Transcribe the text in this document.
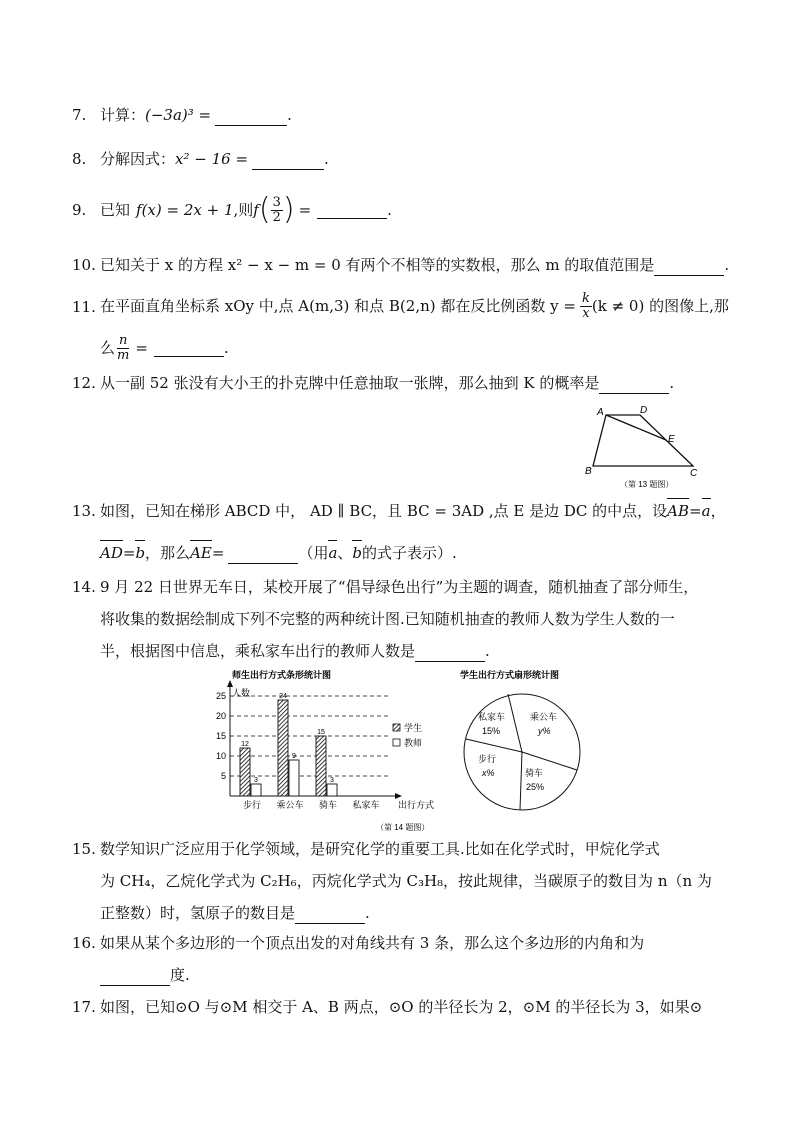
7. 计算：(−3a)³ =	.
8. 分解因式：x² − 16 =	.
9. 已知 f(x) = 2x + 1 ,则 f ( $\frac{3}{2}$ ) =	.
10. 已知关于 x 的方程 x² − x − m = 0 有两个不相等的实数根，那么 m 的取值范围是	.
11. 在平面直角坐标系 xOy 中,点 A(m,3) 和点 B(2,n) 都在反比例函数 $y = \frac{k}{x} (k \ne 0)$ 的图像上,那
么 $\frac{n}{m}$ =	.
12. 从一副 52 张没有大小王的扑克牌中任意抽取一张牌，那么抽到 K 的概率是	.
A	D
E
B	C
（第 13 题图）
13. 如图，已知在梯形 ABCD 中， AD ∥ BC，且 BC = 3AD ,点 E 是边 DC 的中点，设AB=a，
AD=b，那么AE=	（用a、b的式子表示）.
14. 9 月 22 日世界无车日，某校开展了“倡导绿色出行”为主题的调查，随机抽查了部分师生，
将收集的数据绘制成下列不完整的两种统计图.已知随机抽查的教师人数为学生人数的一
半，根据图中信息，乘私家车出行的教师人数是	.
师生出行方式条形统计图	学生出行方式扇形统计图
人数
出行方式
5
10
15
20
25
步行
12
3
乘公车
24
9
骑车
15
3
私家车
学生
教师
私家车
15%
乘公车
y%
步行
x%	骑车
25%
（第 14 题图）
15. 数学知识广泛应用于化学领域，是研究化学的重要工具.比如在化学式时，甲烷化学式
为 CH₄，乙烷化学式为 C₂H₆，丙烷化学式为 C₃H₈，按此规律，当碳原子的数目为 n（n 为
正整数）时，氢原子的数目是	.
16. 如果从某个多边形的一个顶点出发的对角线共有 3 条，那么这个多边形的内角和为
度.
17. 如图，已知⊙O 与⊙M 相交于 A、B 两点，⊙O 的半径长为 2，⊙M 的半径长为 3，如果⊙
